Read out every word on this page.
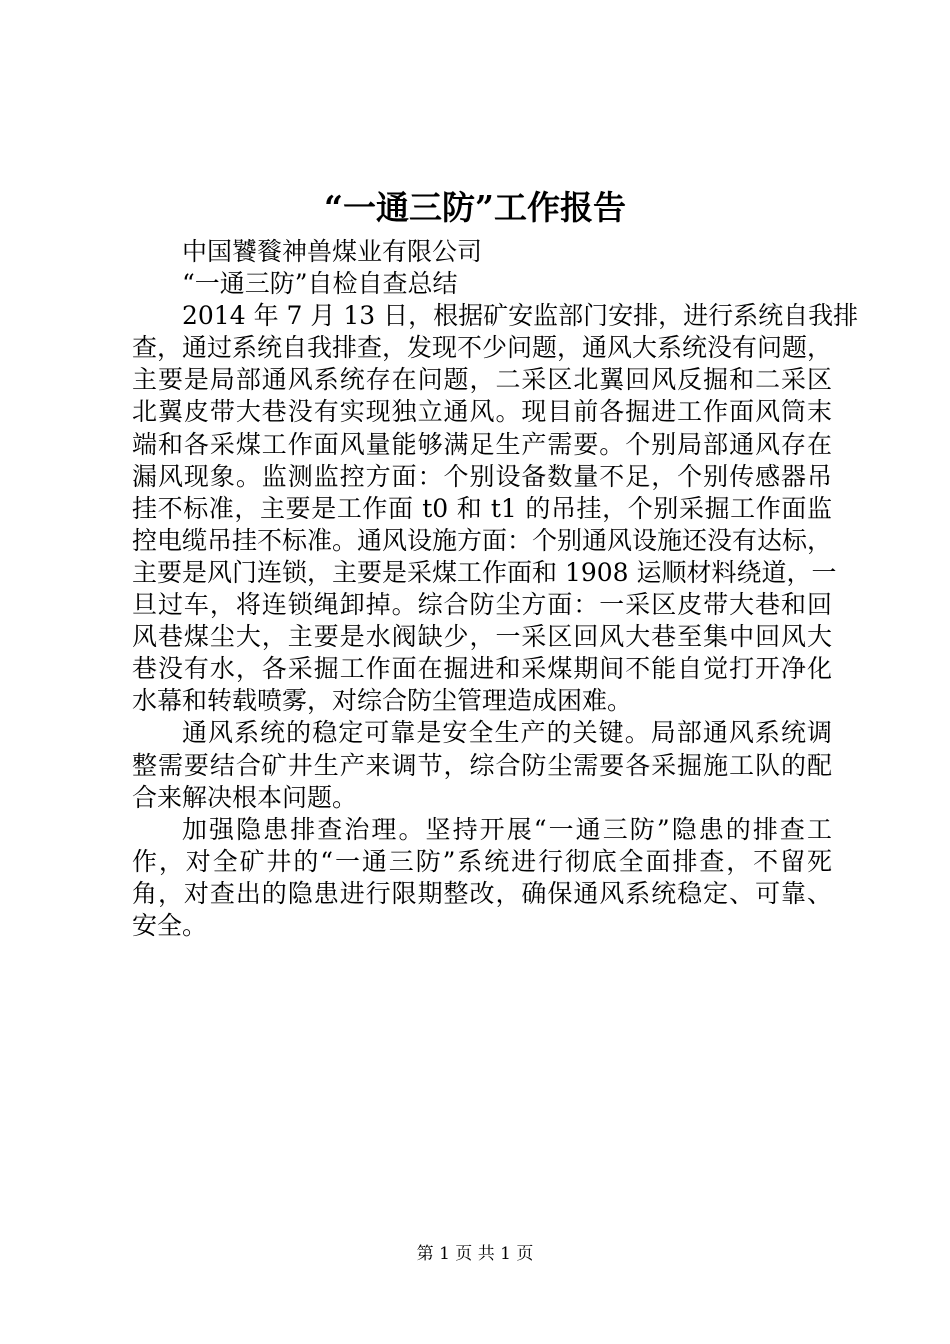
“一通三防”工作报告
中国饕餮神兽煤业有限公司
“一通三防”自检自查总结
2014 年 7 月 13 日，根据矿安监部门安排，进行系统自我排
查，通过系统自我排查，发现不少问题，通风大系统没有问题，
主要是局部通风系统存在问题，二采区北翼回风反掘和二采区
北翼皮带大巷没有实现独立通风。现目前各掘进工作面风筒末
端和各采煤工作面风量能够满足生产需要。个别局部通风存在
漏风现象。监测监控方面：个别设备数量不足，个别传感器吊
挂不标准，主要是工作面 t0 和 t1 的吊挂，个别采掘工作面监
控电缆吊挂不标准。通风设施方面：个别通风设施还没有达标，
主要是风门连锁，主要是采煤工作面和 1908 运顺材料绕道，一
旦过车，将连锁绳卸掉。综合防尘方面：一采区皮带大巷和回
风巷煤尘大，主要是水阀缺少，一采区回风大巷至集中回风大
巷没有水，各采掘工作面在掘进和采煤期间不能自觉打开净化
水幕和转载喷雾，对综合防尘管理造成困难。
通风系统的稳定可靠是安全生产的关键。局部通风系统调
整需要结合矿井生产来调节，综合防尘需要各采掘施工队的配
合来解决根本问题。
加强隐患排查治理。坚持开展“一通三防”隐患的排查工
作，对全矿井的“一通三防”系统进行彻底全面排查，不留死
角，对查出的隐患进行限期整改，确保通风系统稳定、可靠、
安全。
第 1 页 共 1 页
